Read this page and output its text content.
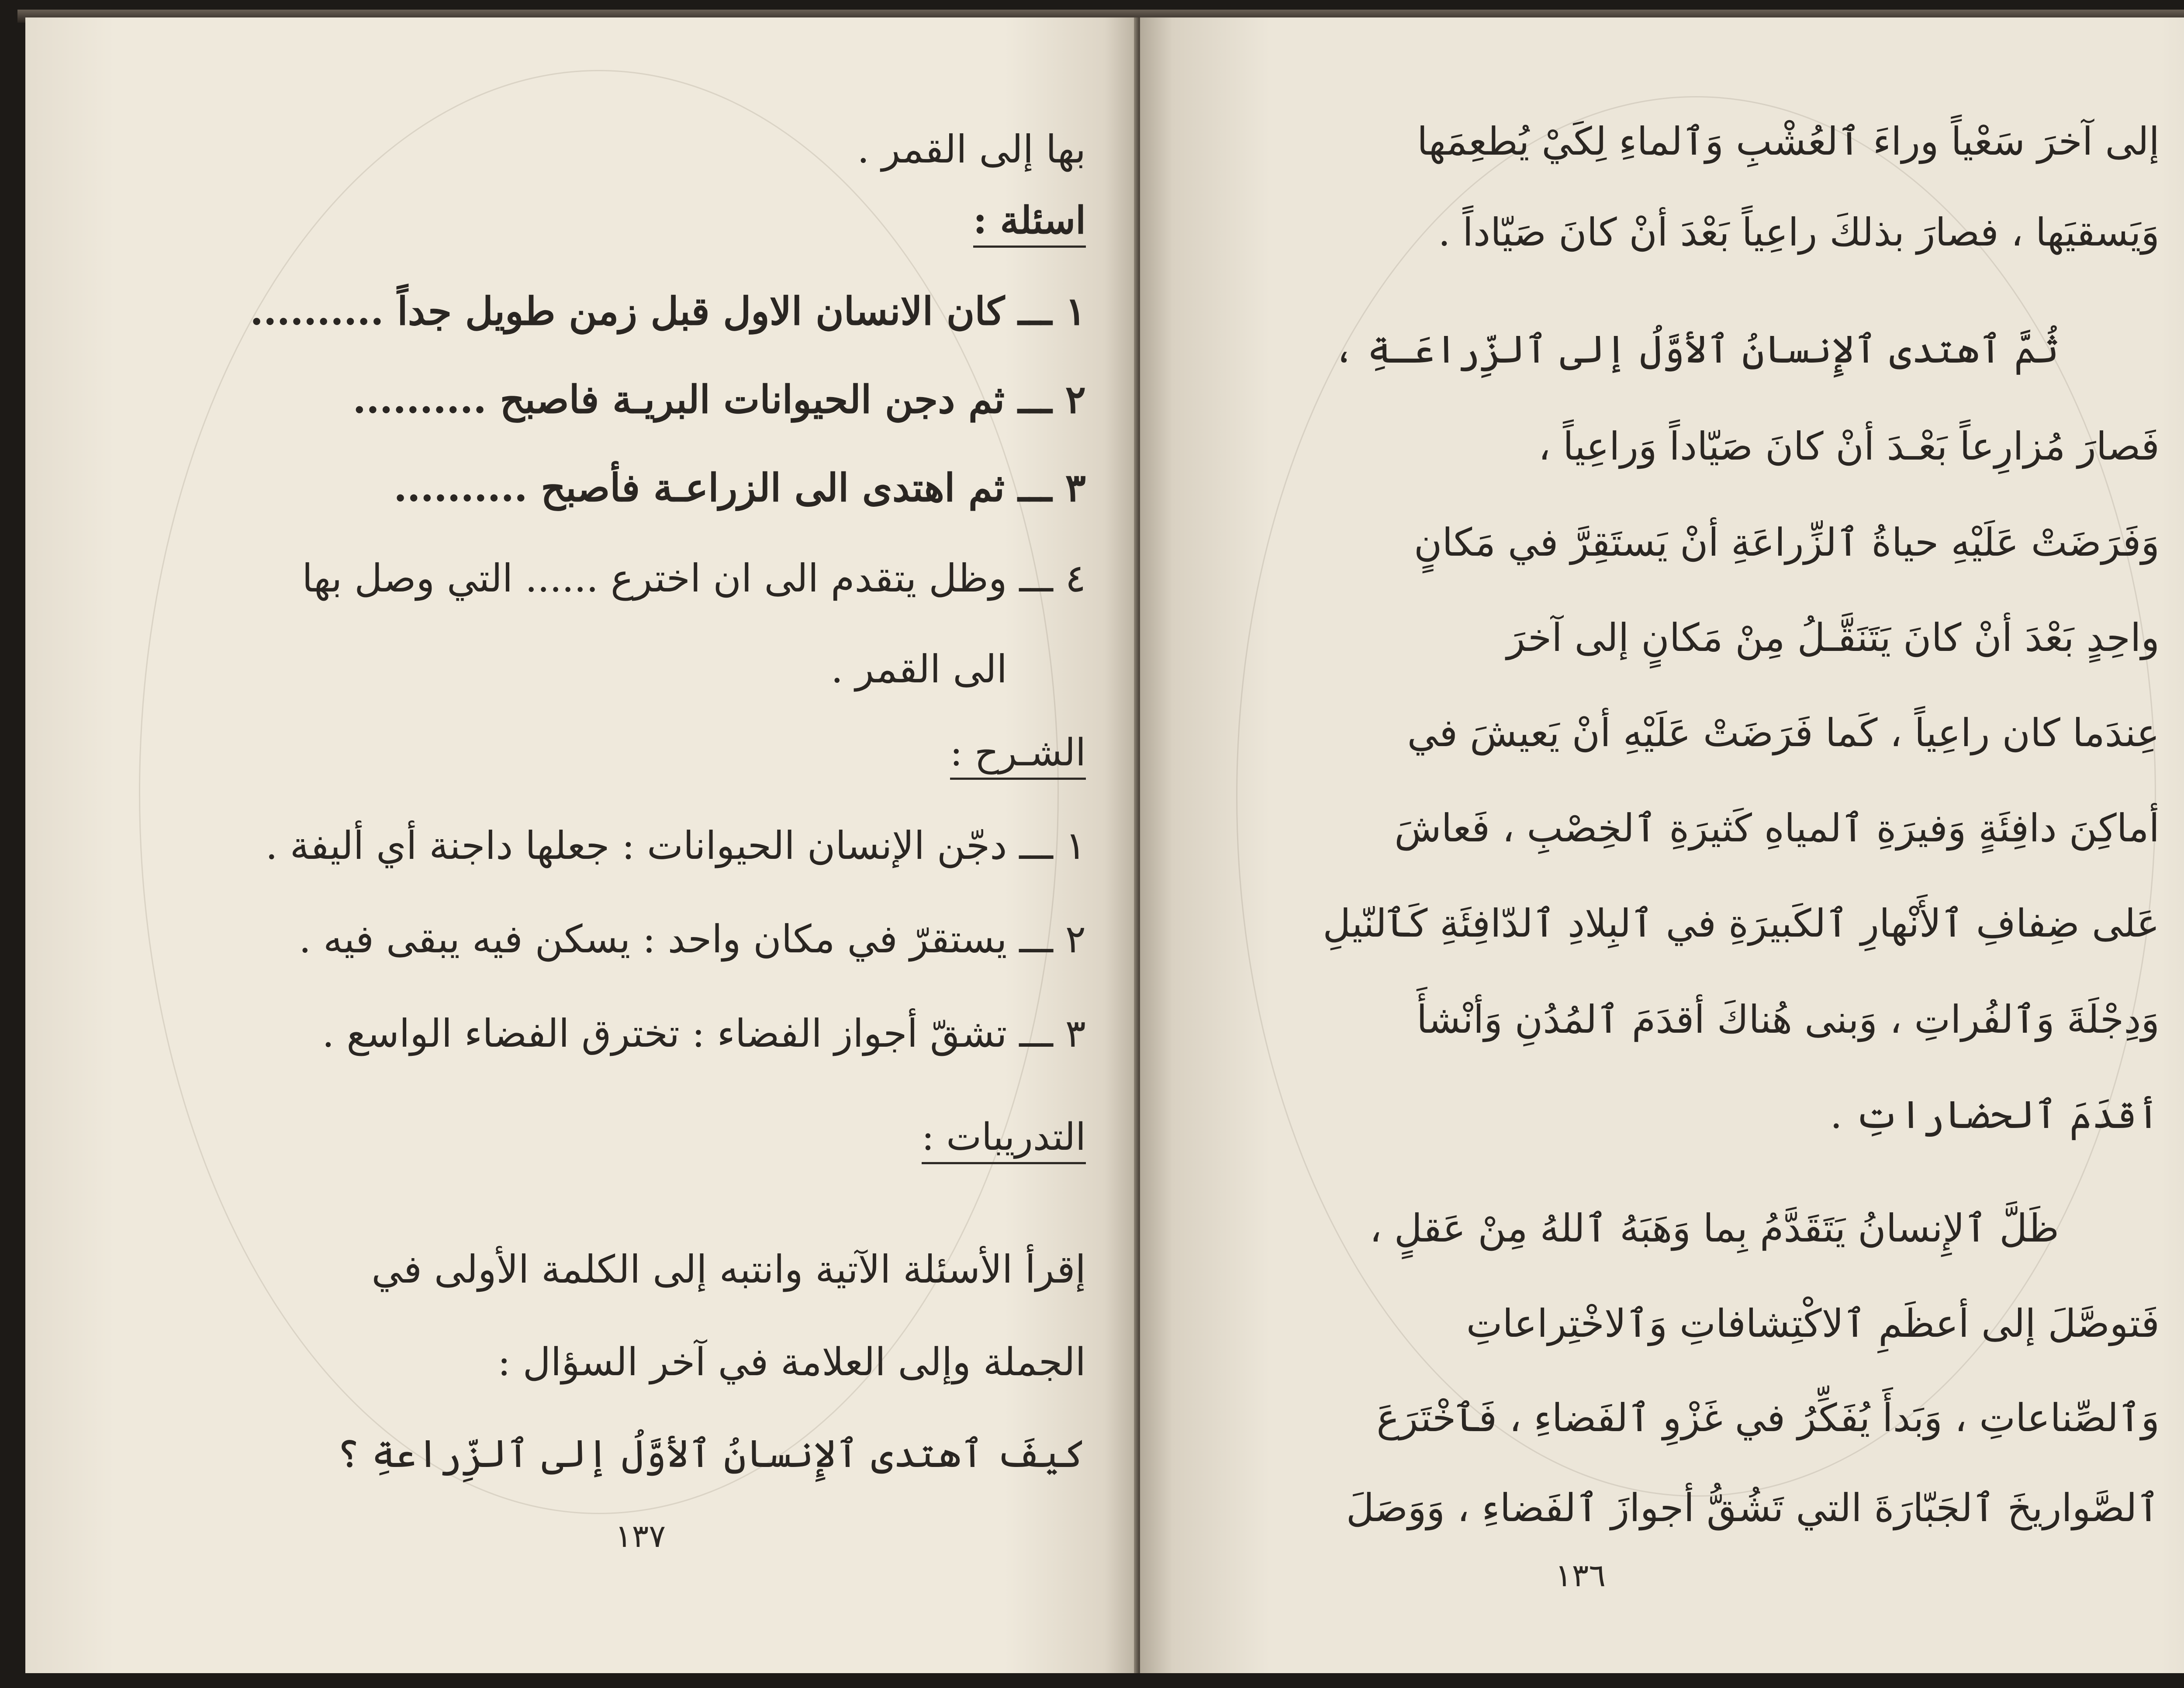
بها إلى القمر .
اسئلة :
١ ـــ كان الانسان الاول قبل زمن طويل جداً ..........
٢ ـــ ثم دجن الحيوانات البريـة فاصبح ..........
٣ ـــ ثم اهتدى الى الزراعـة فأصبح ..........
٤ ـــ وظل يتقدم الى ان اخترع ...... التي وصل بها
الى القمر .
الشـرح :
١ ـــ دجّن الإنسان الحيوانات : جعلها داجنة أي أليفة .
٢ ـــ يستقرّ في مكان واحد : يسكن فيه يبقى فيه .
٣ ـــ تشقّ أجواز الفضاء : تخترق الفضاء الواسع .
التدريبات :
إقرأ الأسئلة الآتية وانتبه إلى الكلمة الأولى في
الجملة وإلى العلامة في آخر السؤال :
كيفَ ٱهتدى ٱلإِنسانُ ٱلأوَّلُ إلى ٱلزِّراعةِ ؟
١٣٧
إلى آخرَ سَعْياً وراءَ ٱلعُشْبِ وَٱلماءِ لِكَيْ يُطعِمَها
وَيَسقيَها ، فصارَ بذلكَ راعِياً بَعْدَ أنْ كانَ صَيّاداً .
ثُمَّ ٱهتدى ٱلإِنسانُ ٱلأوَّلُ إلى ٱلزِّراعَـةِ ،
فَصارَ مُزارِعاً بَعْـدَ أنْ كانَ صَيّاداً وَراعِياً ،
وَفَرَضَتْ عَلَيْهِ حياةُ ٱلزِّراعَةِ أنْ يَستَقِرَّ في مَكانٍ
واحِدٍ بَعْدَ أنْ كانَ يَتَنَقَّـلُ مِنْ مَكانٍ إلى آخرَ
عِندَما كان راعِياً ، كَما فَرَضَتْ عَلَيْهِ أنْ يَعيشَ في
أماكِنَ دافِئَةٍ وَفيرَةِ ٱلمياهِ كَثيرَةِ ٱلخِصْبِ ، فَعاشَ
عَلى ضِفافِ ٱلأَنْهارِ ٱلكَبيرَةِ في ٱلبِلادِ ٱلدّافِئَةِ كَٱلنّيلِ
وَدِجْلَةَ وَٱلفُراتِ ، وَبنى هُناكَ أقدَمَ ٱلمُدُنِ وَأنْشأَ
أقدَمَ ٱلحضاراتِ .
ظَلَّ ٱلإِنسانُ يَتَقَدَّمُ بِما وَهَبَهُ ٱللهُ مِنْ عَقلٍ ،
فَتوصَّلَ إلى أعظَمِ ٱلاكْتِشافاتِ وَٱلاخْتِراعاتِ
وَٱلصِّناعاتِ ، وَبَدأَ يُفَكِّرُ في غَزْوِ ٱلفَضاءِ ، فَٱخْتَرَعَ
ٱلصَّواريخَ ٱلجَبّارَةَ التي تَشُقُّ أجوازَ ٱلفَضاءِ ، وَوَصَلَ
١٣٦
